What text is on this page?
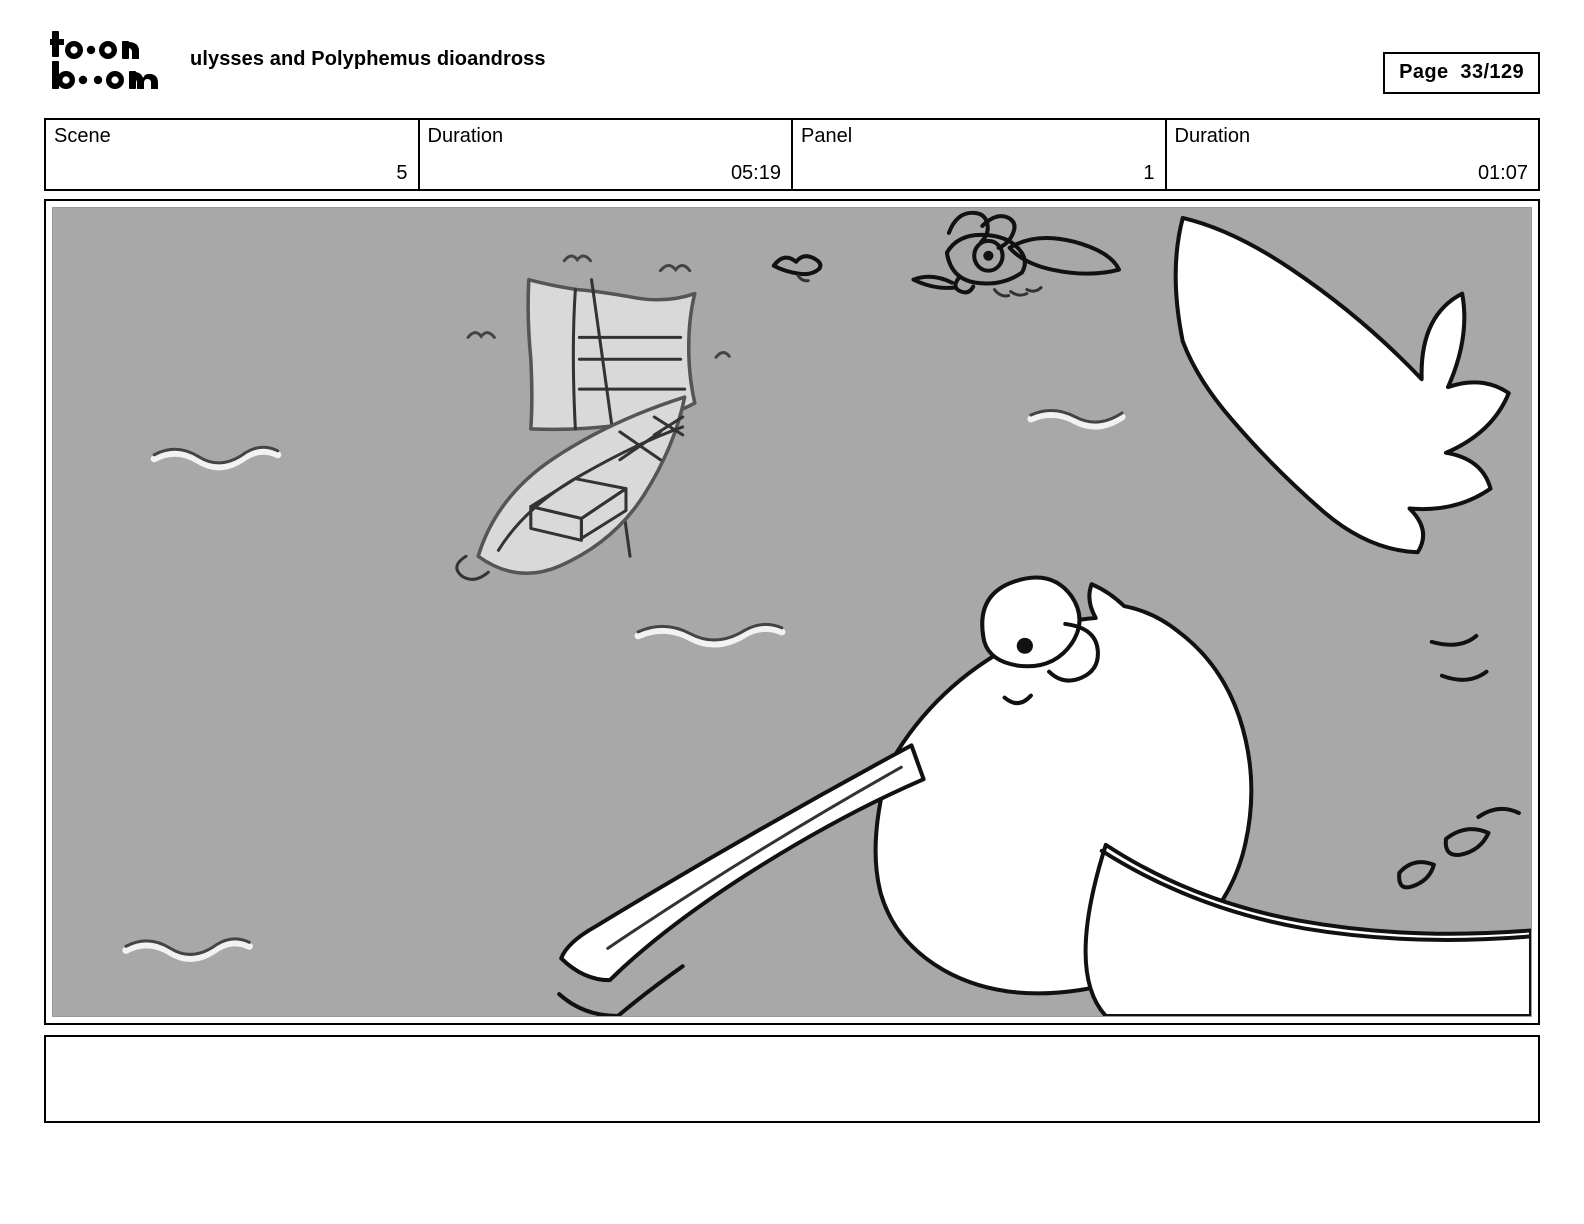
ulysses and Polyphemus dioandross
Page 33/129
Scene
5
Duration
05:19
Panel
1
Duration
01:07
